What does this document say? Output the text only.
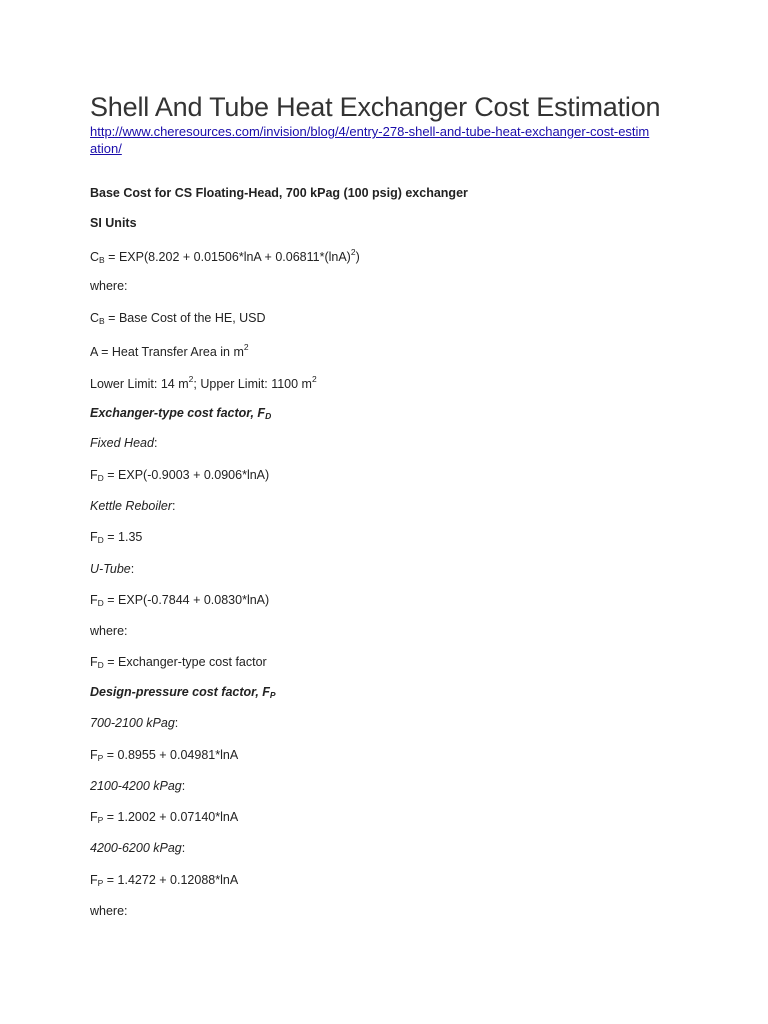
Shell And Tube Heat Exchanger Cost Estimation
http://www.cheresources.com/invision/blog/4/entry-278-shell-and-tube-heat-exchanger-cost-estimation/
Base Cost for CS Floating-Head, 700 kPag (100 psig) exchanger
SI Units
$C_B = EXP(8.202 + 0.01506*\ln A + 0.06811*(\ln A)^2)$
where:
$C_B$ = Base Cost of the HE, USD
A = Heat Transfer Area in $m^2$
Lower Limit: 14 $m^2$; Upper Limit: 1100 $m^2$
Exchanger-type cost factor, $F_D$
Fixed Head:
$F_D = EXP(-0.9003 + 0.0906*\ln A)$
Kettle Reboiler:
$F_D = 1.35$
U-Tube:
$F_D = EXP(-0.7844 + 0.0830*\ln A)$
where:
$F_D$ = Exchanger-type cost factor
Design-pressure cost factor, $F_P$
700-2100 kPag:
$F_P = 0.8955 + 0.04981*\ln A$
2100-4200 kPag:
$F_P = 1.2002 + 0.07140*\ln A$
4200-6200 kPag:
$F_P = 1.4272 + 0.12088*\ln A$
where:
